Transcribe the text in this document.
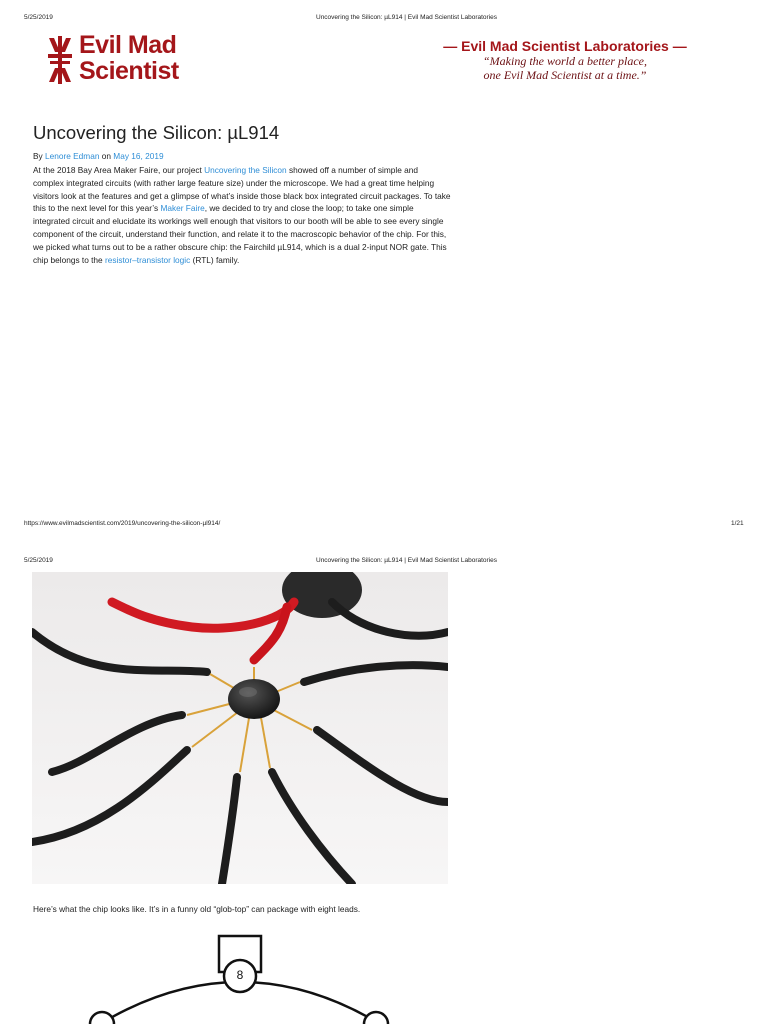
5/25/2019	Uncovering the Silicon: µL914 | Evil Mad Scientist Laboratories
Evil Mad
Scientist
— Evil Mad Scientist Laboratories —
“Making the world a better place,
one Evil Mad Scientist at a time.”
Uncovering the Silicon: µL914
By Lenore Edman on May 16, 2019

At the 2018 Bay Area Maker Faire, our project Uncovering the Silicon showed off a number of simple and complex integrated circuits (with rather large feature size) under the microscope. We had a great time helping visitors look at the features and get a glimpse of what’s inside those black box integrated circuit packages. To take this to the next level for this year’s Maker Faire, we decided to try and close the loop; to take one simple integrated circuit and elucidate its workings well enough that visitors to our booth will be able to see every single component of the circuit, understand their function, and relate it to the macroscopic behavior of the chip. For this, we picked what turns out to be a rather obscure chip: the Fairchild µL914, which is a dual 2-input NOR gate. This chip belongs to the resistor–transistor logic (RTL) family.

https://www.evilmadscientist.com/2019/uncovering-the-silicon-µl914/	1/21
5/25/2019	Uncovering the Silicon: µL914 | Evil Mad Scientist Laboratories
Here’s what the chip looks like. It’s in a funny old “glob-top” can package with eight leads.
8
